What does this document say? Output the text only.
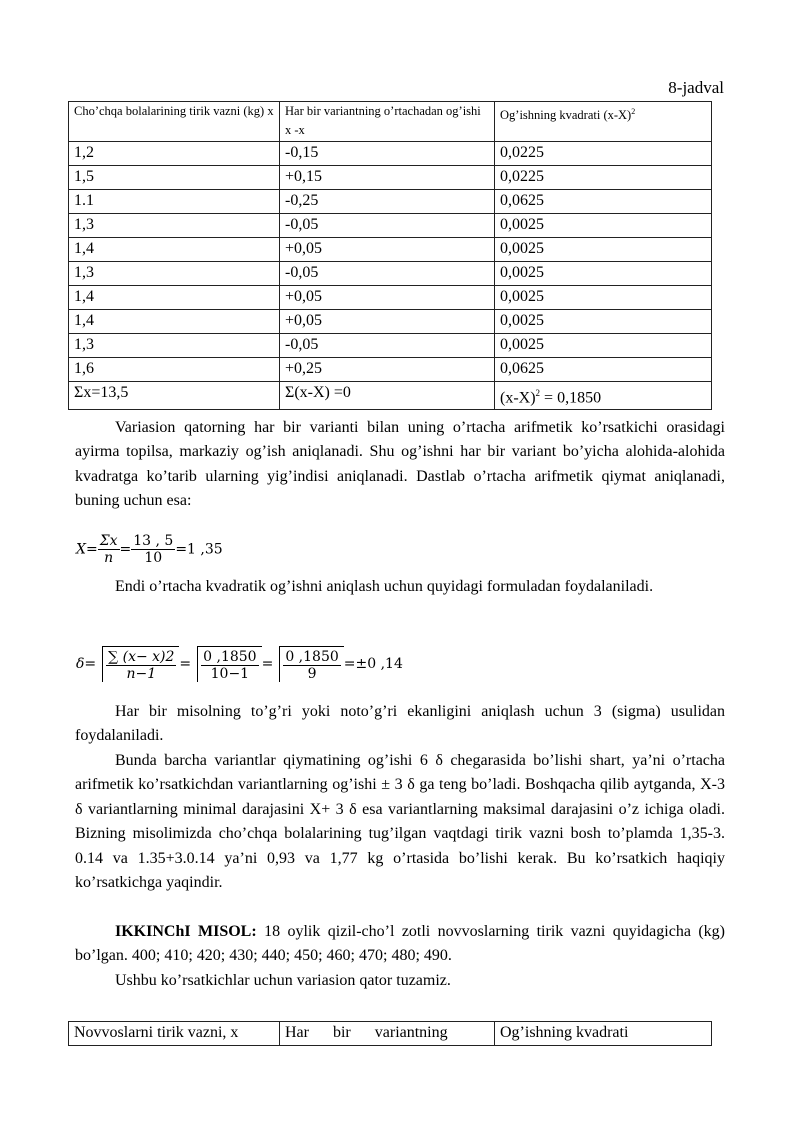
8-jadval
Cho’chqa bolalarining tirik vazni (kg) x	Har bir variantning o’rtachadan og’ishi x -x	Og’ishning kvadrati $(x-X)^2$
1,2	-0,15	0,0225
1,5	+0,15	0,0225
1.1	-0,25	0,0625
1,3	-0,05	0,0025
1,4	+0,05	0,0025
1,3	-0,05	0,0025
1,4	+0,05	0,0025
1,4	+0,05	0,0025
1,3	-0,05	0,0025
1,6	+0,25	0,0625
Σx=13,5	Σ(x-X) =0	$(x-X)^2 = 0,1850$
Variasion qatorning har bir varianti bilan uning o’rtacha arifmetik ko’rsatkichi orasidagi ayirma topilsa, markaziy og’ish aniqlanadi. Shu og’ishni har bir variant bo’yicha alohida-alohida kvadratga ko’tarib ularning yig’indisi aniqlanadi. Dastlab o’rtacha arifmetik qiymat aniqlanadi, buning uchun esa:
$X= \frac{\Sigma x}{n} = \frac{13 , 5}{10} =1$ ,35
Endi o’rtacha kvadratik og’ishni aniqlash uchun quyidagi formuladan foydalaniladi.
$\delta= \frac{\sum (x- x)2}{n-1} = \frac{0 ,1850}{10-1} = \frac{0 ,1850}{9} =\pm 0$ ,14
Har bir misolning to’g’ri yoki noto’g’ri ekanligini aniqlash uchun 3 (sigma) usulidan foydalaniladi.
Bunda barcha variantlar qiymatining og’ishi 6 δ chegarasida bo’lishi shart, ya’ni o’rtacha arifmetik ko’rsatkichdan variantlarning og’ishi ± 3 δ ga teng bo’ladi. Boshqacha qilib aytganda, X-3 δ variantlarning minimal darajasini X+ 3 δ esa variantlarning maksimal darajasini o’z ichiga oladi. Bizning misolimizda cho’chqa bolalarining tug’ilgan vaqtdagi tirik vazni bosh to’plamda 1,35-3. 0.14 va 1.35+3.0.14 ya’ni 0,93 va 1,77 kg o’rtasida bo’lishi kerak. Bu ko’rsatkich haqiqiy ko’rsatkichga yaqindir.
IKKINChI MISOL: 18 oylik qizil-cho’l zotli novvoslarning tirik vazni quyidagicha (kg) bo’lgan. 400; 410; 420; 430; 440; 450; 460; 470; 480; 490.
Ushbu ko’rsatkichlar uchun variasion qator tuzamiz.
Novvoslarni tirik vazni, x	Har      bir      variantning	Og’ishning kvadrati
